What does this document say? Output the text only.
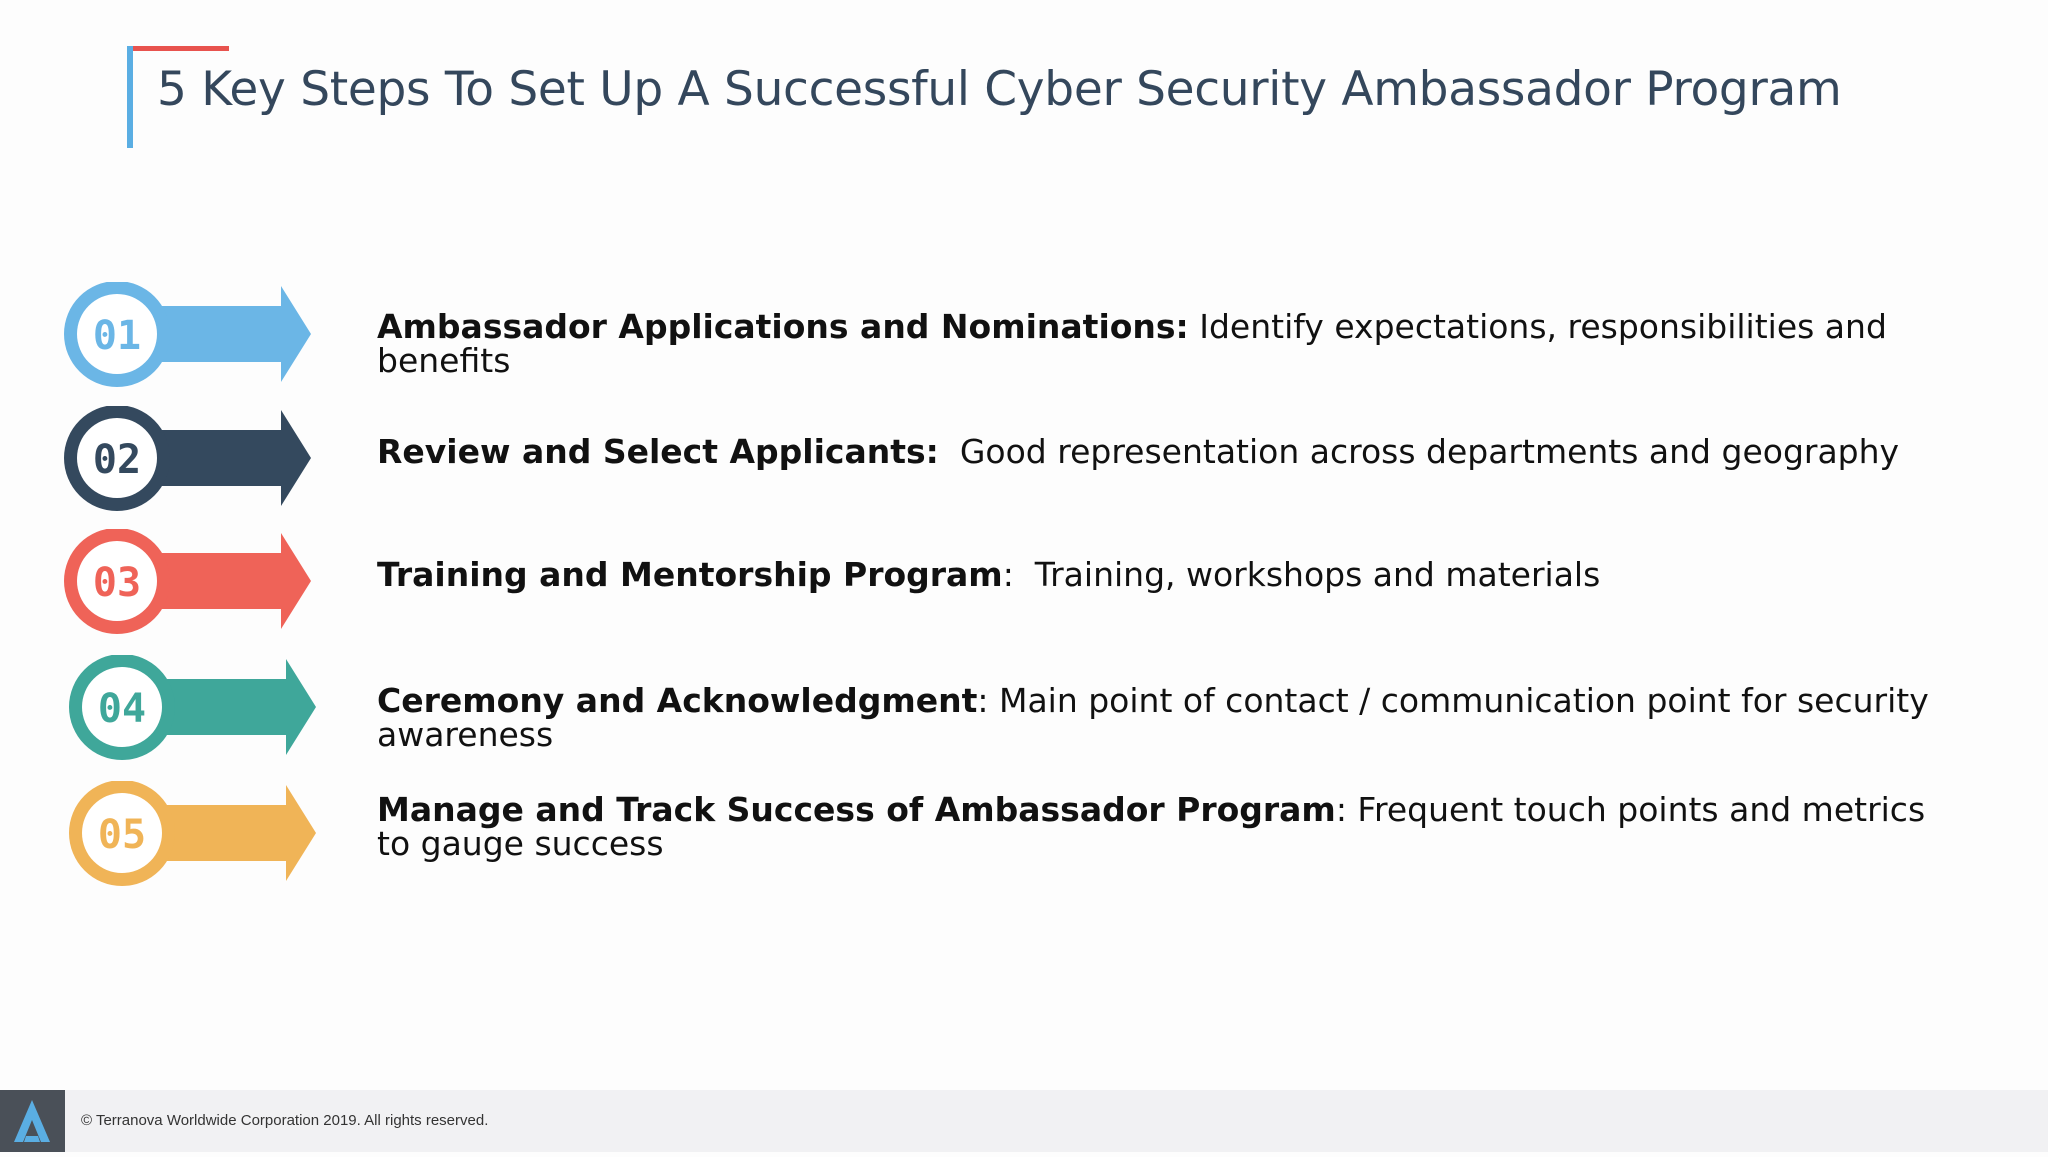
5 Key Steps To Set Up A Successful Cyber Security Ambassador Program
01	Ambassador Applications and Nominations: Identify expectations, responsibilities and benefits
02	Review and Select Applicants:  Good representation across departments and geography
03	Training and Mentorship Program:  Training, workshops and materials
04	Ceremony and Acknowledgment: Main point of contact / communication point for security awareness
05
Manage and Track Success of Ambassador Program: Frequent touch points and metrics to gauge success
© Terranova Worldwide Corporation 2019. All rights reserved.
